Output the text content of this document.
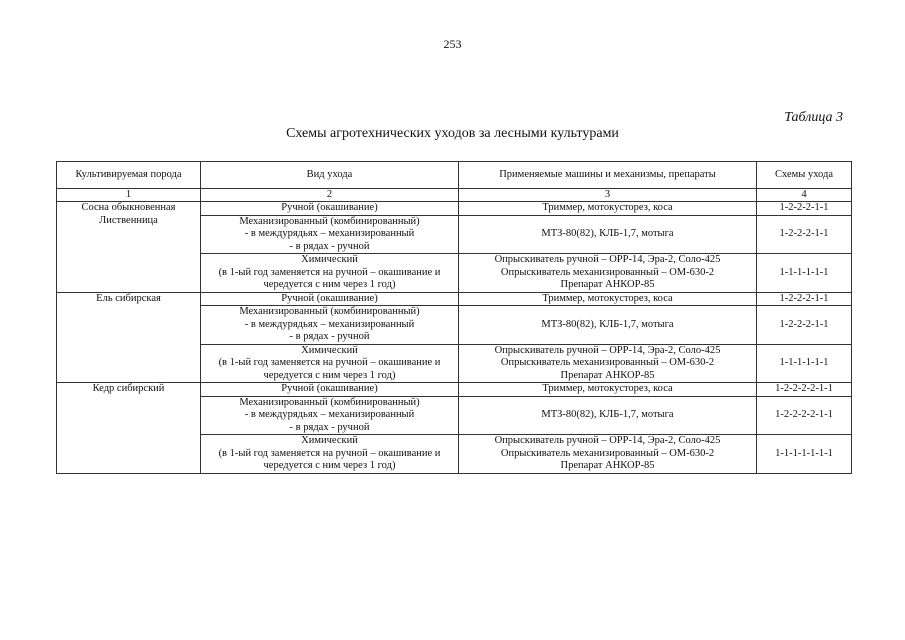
253
Таблица 3
Схемы агротехнических уходов за лесными культурами
Культивируемая порода	Вид ухода	Применяемые машины и механизмы, препараты	Схемы ухода
1	2	3	4

Сосна обыкновенная
Лиственница	Ручной (окашивание)	Триммер, мотокусторез, коса	1-2-2-2-1-1

	Механизированный (комбинированный)
- в междурядьях – механизированный
- в рядах - ручной	МТЗ-80(82), КЛБ-1,7, мотыга	1-2-2-2-1-1

	Химический
(в 1-ый год заменяется на ручной – окашивание и
чередуется с ним через 1 год)	Опрыскиватель ручной – ОРР-14, Эра-2, Соло-425
Опрыскиватель механизированный – ОМ-630-2
Препарат АНКОР-85	1-1-1-1-1-1

Ель сибирская	Ручной (окашивание)	Триммер, мотокусторез, коса	1-2-2-2-1-1

	Механизированный (комбинированный)
- в междурядьях – механизированный
- в рядах - ручной	МТЗ-80(82), КЛБ-1,7, мотыга	1-2-2-2-1-1

	Химический
(в 1-ый год заменяется на ручной – окашивание и
чередуется с ним через 1 год)	Опрыскиватель ручной – ОРР-14, Эра-2, Соло-425
Опрыскиватель механизированный – ОМ-630-2
Препарат АНКОР-85	1-1-1-1-1-1

Кедр сибирский	Ручной (окашивание)	Триммер, мотокусторез, коса	1-2-2-2-2-1-1

	Механизированный (комбинированный)
- в междурядьях – механизированный
- в рядах - ручной	МТЗ-80(82), КЛБ-1,7, мотыга	1-2-2-2-2-1-1

	Химический
(в 1-ый год заменяется на ручной – окашивание и
чередуется с ним через 1 год)	Опрыскиватель ручной – ОРР-14, Эра-2, Соло-425
Опрыскиватель механизированный – ОМ-630-2
Препарат АНКОР-85	1-1-1-1-1-1-1
